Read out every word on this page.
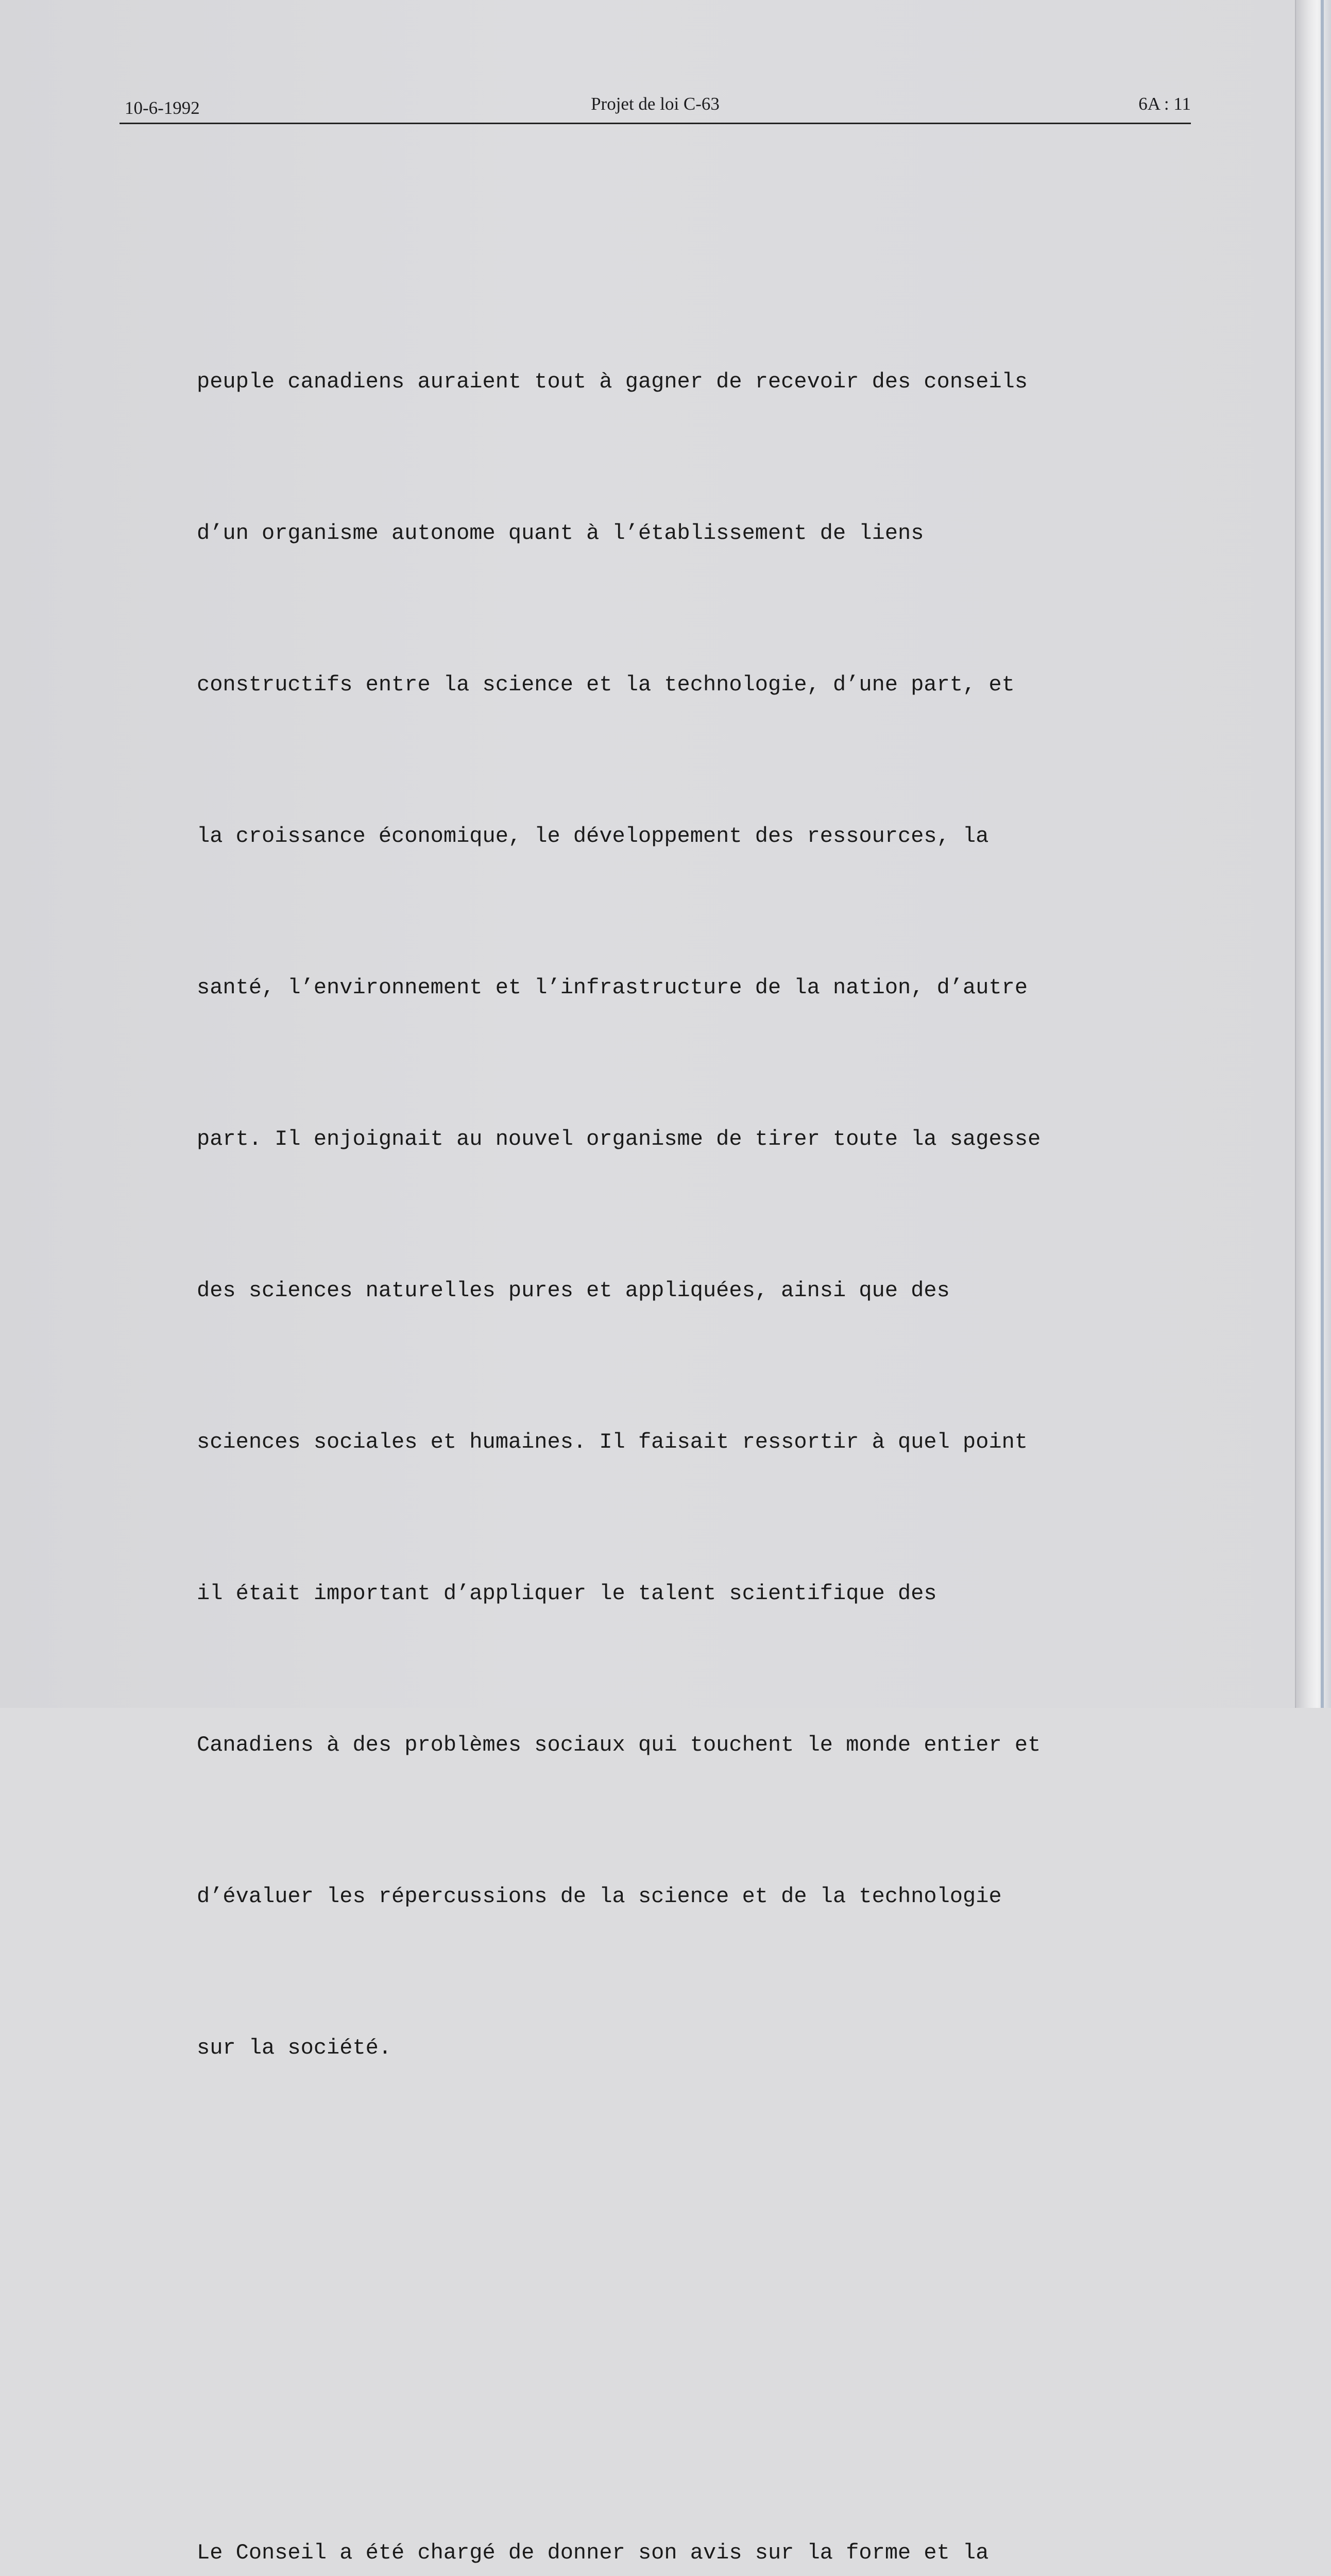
10-6-1992	Projet de loi C-63	6A : 11

peuple canadiens auraient tout à gagner de recevoir des conseils

d’un organisme autonome quant à l’établissement de liens

constructifs entre la science et la technologie, d’une part, et

la croissance économique, le développement des ressources, la

santé, l’environnement et l’infrastructure de la nation, d’autre

part. Il enjoignait au nouvel organisme de tirer toute la sagesse

des sciences naturelles pures et appliquées, ainsi que des

sciences sociales et humaines. Il faisait ressortir à quel point

il était important d’appliquer le talent scientifique des

Canadiens à des problèmes sociaux qui touchent le monde entier et

d’évaluer les répercussions de la science et de la technologie

sur la société.

Le Conseil a été chargé de donner son avis sur la forme et la
